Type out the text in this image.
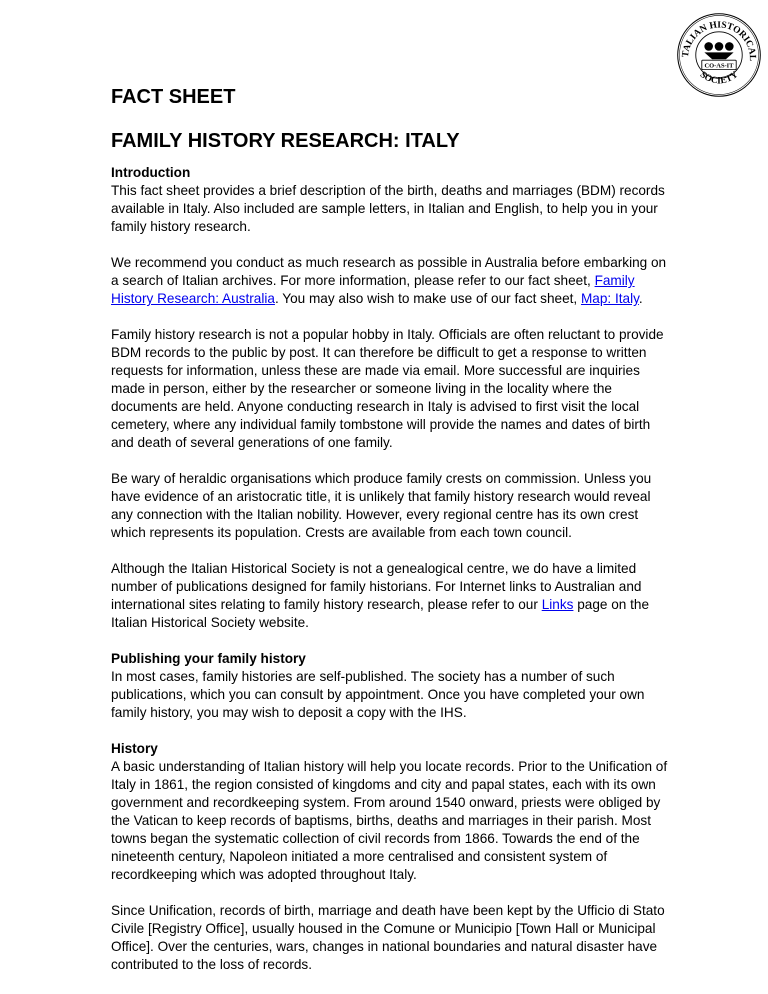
TALIAN HISTORICAL
SOCIETY
CO-AS-IT
FACT SHEET
FAMILY HISTORY RESEARCH: ITALY

Introduction
This fact sheet provides a brief description of the birth, deaths and marriages (BDM) records available in Italy. Also included are sample letters, in Italian and English, to help you in your family history research.

We recommend you conduct as much research as possible in Australia before embarking on a search of Italian archives. For more information, please refer to our fact sheet, Family History Research: Australia. You may also wish to make use of our fact sheet, Map: Italy.

Family history research is not a popular hobby in Italy. Officials are often reluctant to provide BDM records to the public by post. It can therefore be difficult to get a response to written requests for information, unless these are made via email. More successful are inquiries made in person, either by the researcher or someone living in the locality where the documents are held. Anyone conducting research in Italy is advised to first visit the local cemetery, where any individual family tombstone will provide the names and dates of birth and death of several generations of one family.

Be wary of heraldic organisations which produce family crests on commission. Unless you have evidence of an aristocratic title, it is unlikely that family history research would reveal any connection with the Italian nobility. However, every regional centre has its own crest which represents its population. Crests are available from each town council.

Although the Italian Historical Society is not a genealogical centre, we do have a limited number of publications designed for family historians. For Internet links to Australian and international sites relating to family history research, please refer to our Links page on the Italian Historical Society website.

Publishing your family history
In most cases, family histories are self-published. The society has a number of such publications, which you can consult by appointment. Once you have completed your own family history, you may wish to deposit a copy with the IHS.

History
A basic understanding of Italian history will help you locate records. Prior to the Unification of Italy in 1861, the region consisted of kingdoms and city and papal states, each with its own government and recordkeeping system. From around 1540 onward, priests were obliged by the Vatican to keep records of baptisms, births, deaths and marriages in their parish. Most towns began the systematic collection of civil records from 1866. Towards the end of the nineteenth century, Napoleon initiated a more centralised and consistent system of recordkeeping which was adopted throughout Italy.

Since Unification, records of birth, marriage and death have been kept by the Ufficio di Stato Civile [Registry Office], usually housed in the Comune or Municipio [Town Hall or Municipal Office]. Over the centuries, wars, changes in national boundaries and natural disaster have contributed to the loss of records.
